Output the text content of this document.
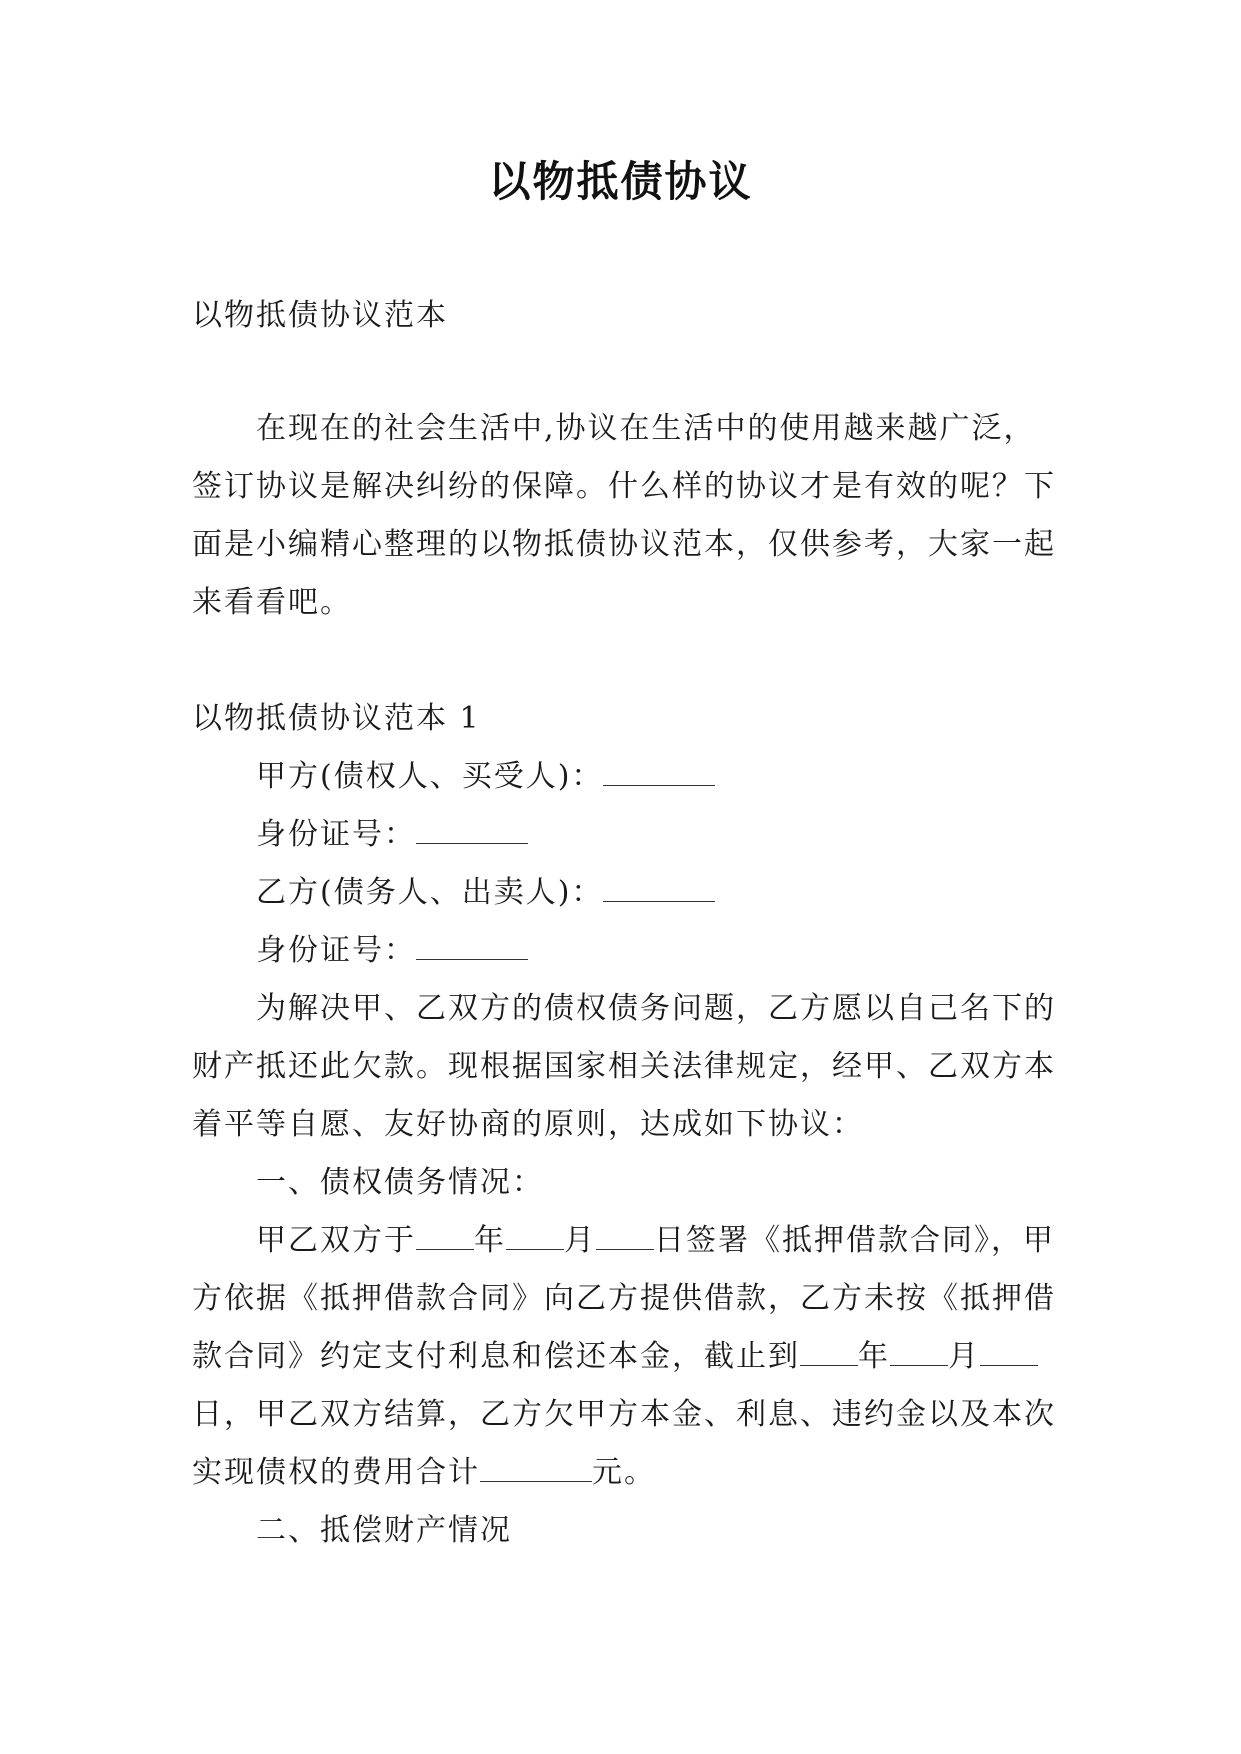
以物抵债协议

以物抵债协议范本

在现在的社会生活中,协议在生活中的使用越来越广泛，签订协议是解决纠纷的保障。什么样的协议才是有效的呢？下面是小编精心整理的以物抵债协议范本，仅供参考，大家一起来看看吧。

以物抵债协议范本 1

甲方(债权人、买受人)：

身份证号：

乙方(债务人、出卖人)：

身份证号：

为解决甲、乙双方的债权债务问题，乙方愿以自己名下的财产抵还此欠款。现根据国家相关法律规定，经甲、乙双方本着平等自愿、友好协商的原则，达成如下协议：

一、债权债务情况：

甲乙双方于 年 月 日签署《抵押借款合同》，甲方依据《抵押借款合同》向乙方提供借款，乙方未按《抵押借款合同》约定支付利息和偿还本金，截止到 年 月日，甲乙双方结算，乙方欠甲方本金、利息、违约金以及本次实现债权的费用合计	元。

二、抵偿财产情况
